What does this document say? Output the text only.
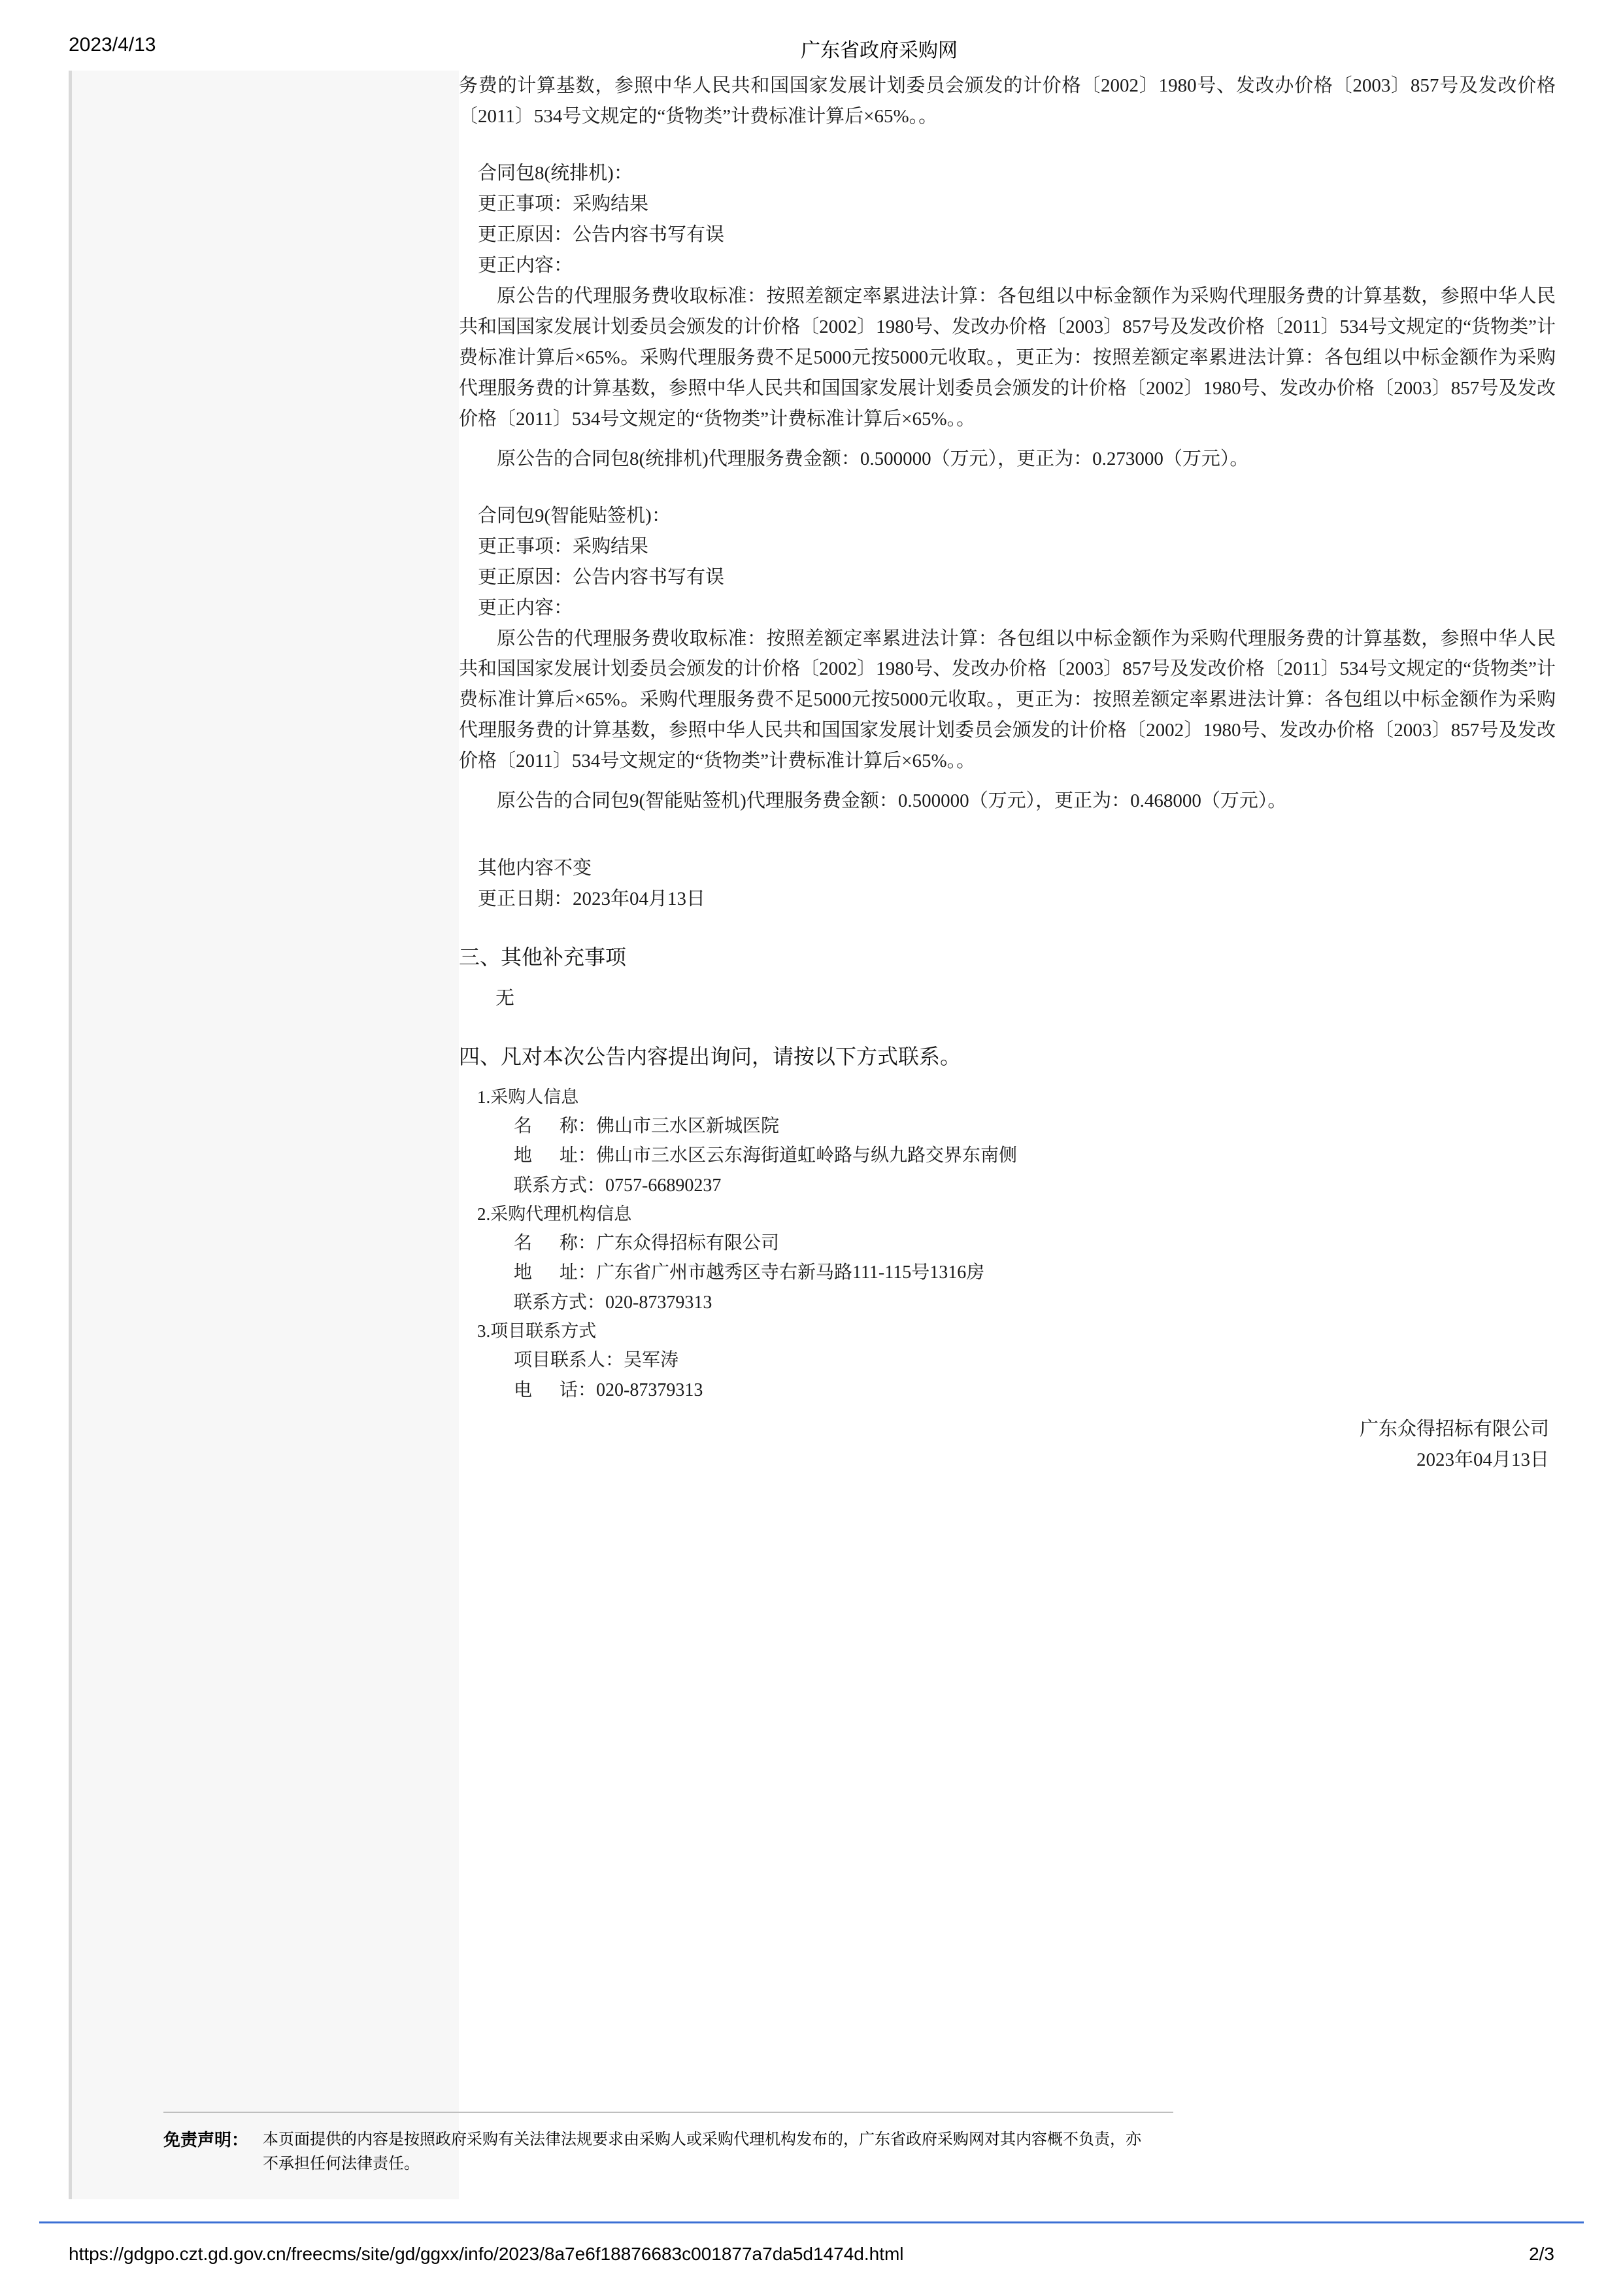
2023/4/13	广东省政府采购网

务费的计算基数，参照中华人民共和国国家发展计划委员会颁发的计价格〔2002〕1980号、发改办价格〔2003〕857号及发改价格〔2011〕534号文规定的“货物类”计费标准计算后×65%。。

合同包8(统排机)：

更正事项：采购结果

更正原因：公告内容书写有误

更正内容：

原公告的代理服务费收取标准：按照差额定率累进法计算：各包组以中标金额作为采购代理服务费的计算基数，参照中华人民共和国国家发展计划委员会颁发的计价格〔2002〕1980号、发改办价格〔2003〕857号及发改价格〔2011〕534号文规定的“货物类”计费标准计算后×65%。采购代理服务费不足5000元按5000元收取。，更正为：按照差额定率累进法计算：各包组以中标金额作为采购代理服务费的计算基数，参照中华人民共和国国家发展计划委员会颁发的计价格〔2002〕1980号、发改办价格〔2003〕857号及发改价格〔2011〕534号文规定的“货物类”计费标准计算后×65%。。

原公告的合同包8(统排机)代理服务费金额：0.500000（万元），更正为：0.273000（万元）。

合同包9(智能贴签机)：

更正事项：采购结果

更正原因：公告内容书写有误

更正内容：

原公告的代理服务费收取标准：按照差额定率累进法计算：各包组以中标金额作为采购代理服务费的计算基数，参照中华人民共和国国家发展计划委员会颁发的计价格〔2002〕1980号、发改办价格〔2003〕857号及发改价格〔2011〕534号文规定的“货物类”计费标准计算后×65%。采购代理服务费不足5000元按5000元收取。，更正为：按照差额定率累进法计算：各包组以中标金额作为采购代理服务费的计算基数，参照中华人民共和国国家发展计划委员会颁发的计价格〔2002〕1980号、发改办价格〔2003〕857号及发改价格〔2011〕534号文规定的“货物类”计费标准计算后×65%。。

原公告的合同包9(智能贴签机)代理服务费金额：0.500000（万元），更正为：0.468000（万元）。

其他内容不变

更正日期：2023年04月13日

三、其他补充事项

无

四、凡对本次公告内容提出询问，请按以下方式联系。

1.采购人信息

名      称：佛山市三水区新城医院

地      址：佛山市三水区云东海街道虹岭路与纵九路交界东南侧

联系方式：0757-66890237

2.采购代理机构信息

名      称：广东众得招标有限公司

地      址：广东省广州市越秀区寺右新马路111-115号1316房

联系方式：020-87379313

3.项目联系方式

项目联系人：吴军涛

电      话：020-87379313

广东众得招标有限公司

2023年04月13日

免责声明： 本页面提供的内容是按照政府采购有关法律法规要求由采购人或采购代理机构发布的，广东省政府采购网对其内容概不负责，亦不承担任何法律责任。
https://gdgpo.czt.gd.gov.cn/freecms/site/gd/ggxx/info/2023/8a7e6f18876683c001877a7da5d1474d.html	2/3
